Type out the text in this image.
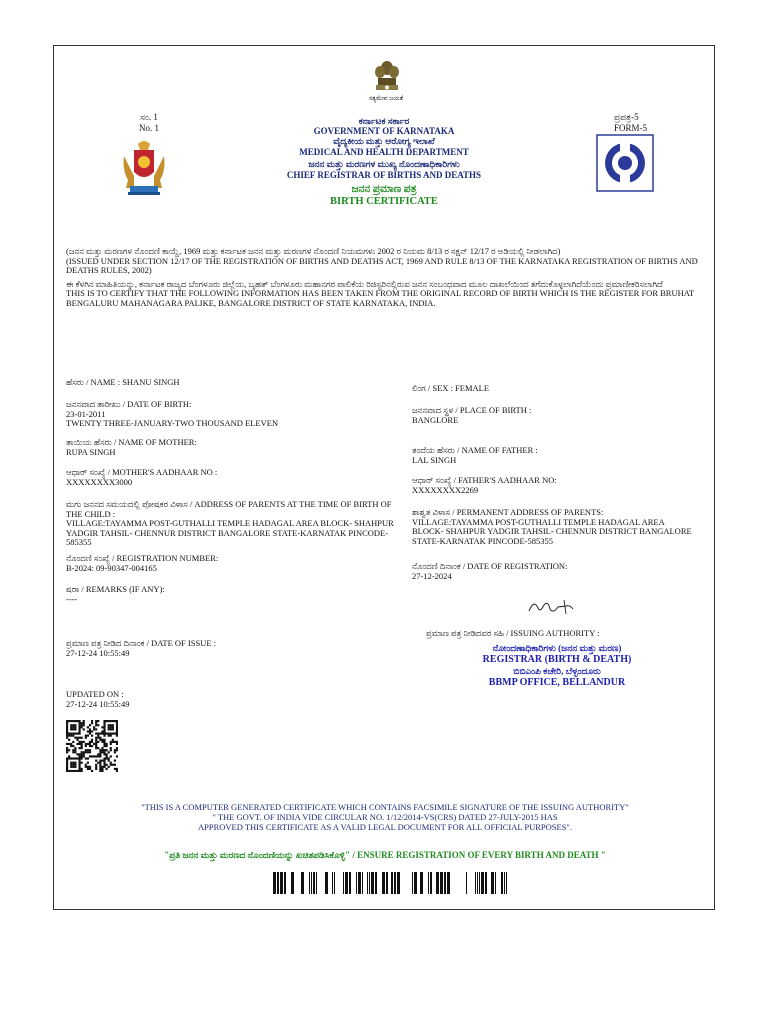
ಸತ್ಯಮೇವ ಜಯತೆ
ಸಂ. 1
No. 1
ಪ್ರಪತ್ರ-5
FORM-5
ಕರ್ನಾಟಕ ಸರ್ಕಾರ
GOVERNMENT OF KARNATAKA
ವೈದ್ಯಕೀಯ ಮತ್ತು ಆರೋಗ್ಯ ಇಲಾಖೆ
MEDICAL AND HEALTH DEPARTMENT
ಜನನ ಮತ್ತು ಮರಣಗಳ ಮುಖ್ಯ ನೊಂದಣಾಧಿಕಾರಿಗಳು
CHIEF REGISTRAR OF BIRTHS AND DEATHS
ಜನನ ಪ್ರಮಾಣ ಪತ್ರ
BIRTH CERTIFICATE
(ಜನನ ಮತ್ತು ಮರಣಗಳ ನೊಂದಣಿ ಕಾಯ್ದೆ, 1969 ಮತ್ತು ಕರ್ನಾಟಕ ಜನನ ಮತ್ತು ಮರಣಗಳ ನೊಂದಣಿ ನಿಯಮಗಳು 2002 ರ ನಿಯಮ 8/13 ರ ಸಕ್ಷನ್ 12/17 ರ ಅಡಿಯಲ್ಲಿ ನೀಡಲಾಗಿದ)
(ISSUED UNDER SECTION 12/17 OF THE REGISTRATION OF BIRTHS AND DEATHS ACT, 1969 AND RULE 8/13 OF THE KARNATAKA REGISTRATION OF BIRTHS AND DEATHS RULES, 2002)
ಈ ಕೆಳಗಿನ ಮಾಹಿತಿಯನ್ನು, ಕರ್ನಾಟಕ ರಾಜ್ಯದ ಬೆಂಗಳೂರು ಜಿಲ್ಲೆಯ, ಬೃಹತ್ ಬೆಂಗಳೂರು ಮಹಾನಗರ ಪಾಲಿಕೆಯ ರಿಜಿಸ್ಟರಿನಲ್ಲಿರುವ ಜನನ ಸಂಬಂಧವಾದ ಮೂಲ ದಾಖಲೆಯಿಂದ ತಗೆದುಕೊಳ್ಳಲಾಗಿದೆಯೆಂದು ಪ್ರಮಾಣೀಕರಿಸಲಾಗಿದೆ
THIS IS TO CERTIFY THAT THE FOLLOWING INFORMATION HAS BEEN TAKEN FROM THE ORIGINAL RECORD OF BIRTH WHICH IS THE REGISTER FOR BRUHAT BENGALURU MAHANAGARA PALIKE, BANGALORE DISTRICT OF STATE KARNATAKA, INDIA.
ಹೆಸರು / NAME : SHANU SINGH
ಜನನವಾದ ತಾರೀಖು / DATE OF BIRTH:
23-01-2011
TWENTY THREE-JANUARY-TWO THOUSAND ELEVEN
ತಾಯಿಯ ಹೆಸರು / NAME OF MOTHER:
RUPA SINGH
ಆಧಾರ್ ಸಂಖ್ಯೆ / MOTHER'S AADHAAR NO :
XXXXXXXX3000
ಮಗು ಜನನದ ಸಮಯದಲ್ಲಿ ಪೋಷಕರ ವಿಳಾಸ / ADDRESS OF PARENTS AT THE TIME OF BIRTH OF THE CHILD :
VILLAGE:TAYAMMA POST-GUTHALLI TEMPLE HADAGAL AREA BLOCK- SHAHPUR YADGIR TAHSIL- CHENNUR DISTRICT BANGALORE STATE-KARNATAK PINCODE-585355
ನೊಂದಣಿ ಸಂಖ್ಯೆ / REGISTRATION NUMBER:
B-2024: 09-90347-004165
ಷರಾ / REMARKS (IF ANY):
----
ಪ್ರಮಾಣ ಪತ್ರ ನೀಡಿದ ದಿನಾಂಕ / DATE OF ISSUE :
27-12-24 10:55:49
UPDATED ON :
27-12-24 10:55:49
ಲಿಂಗ / SEX : FEMALE
ಜನನವಾದ ಸ್ಥಳ / PLACE OF BIRTH :
BANGLORE
ತಂದೆಯ ಹೆಸರು / NAME OF FATHER :
LAL SINGH
ಆಧಾರ್ ಸಂಖ್ಯೆ / FATHER'S AADHAAR NO:
XXXXXXXX2269
ಶಾಶ್ವತ ವಿಳಾಸ / PERMANENT ADDRESS OF PARENTS:
VILLAGE:TAYAMMA POST-GUTHALLI TEMPLE HADAGAL AREA BLOCK- SHAHPUR YADGIR TAHSIL- CHENNUR DISTRICT BANGALORE STATE-KARNATAK PINCODE-585355
ನೊಂದಣಿ ದಿನಾಂಕ / DATE OF REGISTRATION:
27-12-2024
ಪ್ರಮಾಣ ಪತ್ರ ನೀಡಿದವರ ಸಹಿ / ISSUING AUTHORITY :
ನೋಂದಣಾಧಿಕಾರಿಗಳು (ಜನನ ಮತ್ತು ಮರಣ)
REGISTRAR (BIRTH & DEATH)
ಬಿಬಿಎಂಪಿ ಕಚೇರಿ, ಬೆಳ್ಳಂದೂರು
BBMP OFFICE, BELLANDUR
"THIS IS A COMPUTER GENERATED CERTIFICATE WHICH CONTAINS FACSIMILE SIGNATURE OF THE ISSUING AUTHORITY"
" THE GOVT. OF INDIA VIDE CIRCULAR NO. 1/12/2014-VS(CRS) DATED 27-JULY-2015 HAS
APPROVED THIS CERTIFICATE AS A VALID LEGAL DOCUMENT FOR ALL OFFICIAL PURPOSES".
"ಪ್ರತಿ ಜನನ ಮತ್ತು ಮರಣದ ನೊಂದಣಿಯನ್ನು ಖಚಿತಪಡಿಸಿಕೊಳ್ಳಿ" / ENSURE REGISTRATION OF EVERY BIRTH AND DEATH "
